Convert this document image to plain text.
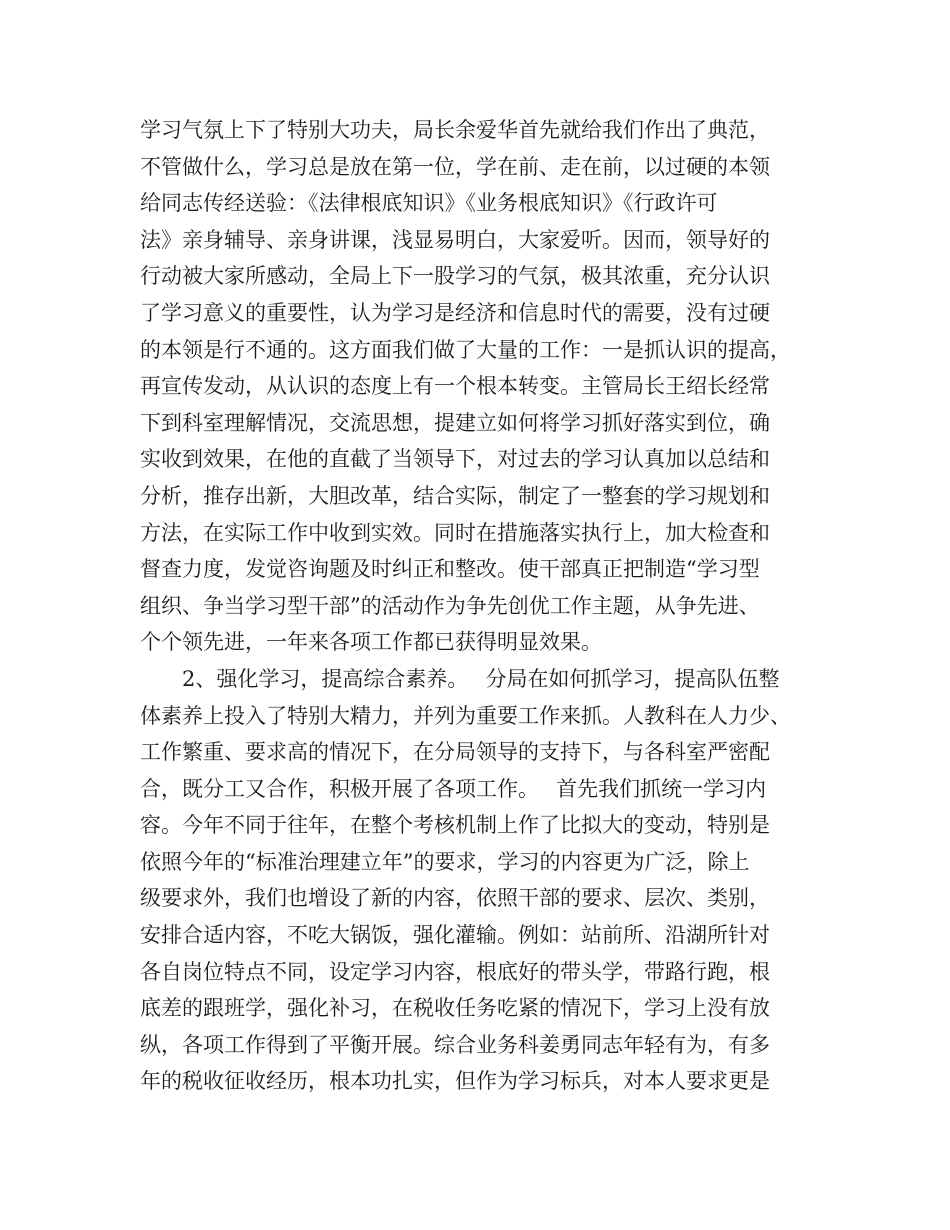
学习气氛上下了特别大功夫，局长余爱华首先就给我们作出了典范，
不管做什么，学习总是放在第一位，学在前、走在前，以过硬的本领
给同志传经送验：《法律根底知识》《业务根底知识》《行政许可
法》亲身辅导、亲身讲课，浅显易明白，大家爱听。因而，领导好的
行动被大家所感动，全局上下一股学习的气氛，极其浓重，充分认识
了学习意义的重要性，认为学习是经济和信息时代的需要，没有过硬
的本领是行不通的。这方面我们做了大量的工作：一是抓认识的提高，
再宣传发动，从认识的态度上有一个根本转变。主管局长王绍长经常
下到科室理解情况，交流思想，提建立如何将学习抓好落实到位，确
实收到效果，在他的直截了当领导下，对过去的学习认真加以总结和
分析，推存出新，大胆改革，结合实际，制定了一整套的学习规划和
方法，在实际工作中收到实效。同时在措施落实执行上，加大检查和
督查力度，发觉咨询题及时纠正和整改。使干部真正把制造“学习型
组织、争当学习型干部”的活动作为争先创优工作主题，从争先进、
个个领先进，一年来各项工作都已获得明显效果。
　　2、强化学习，提高综合素养。　 分局在如何抓学习，提高队伍整
体素养上投入了特别大精力，并列为重要工作来抓。人教科在人力少、
工作繁重、要求高的情况下，在分局领导的支持下，与各科室严密配
合，既分工又合作，积极开展了各项工作。　 首先我们抓统一学习内
容。今年不同于往年，在整个考核机制上作了比拟大的变动，特别是
依照今年的“标准治理建立年”的要求，学习的内容更为广泛，除上
级要求外，我们也增设了新的内容，依照干部的要求、层次、类别，
安排合适内容，不吃大锅饭，强化灌输。例如：站前所、沿湖所针对
各自岗位特点不同，设定学习内容，根底好的带头学，带路行跑，根
底差的跟班学，强化补习，在税收任务吃紧的情况下，学习上没有放
纵，各项工作得到了平衡开展。综合业务科姜勇同志年轻有为，有多
年的税收征收经历，根本功扎实，但作为学习标兵，对本人要求更是
